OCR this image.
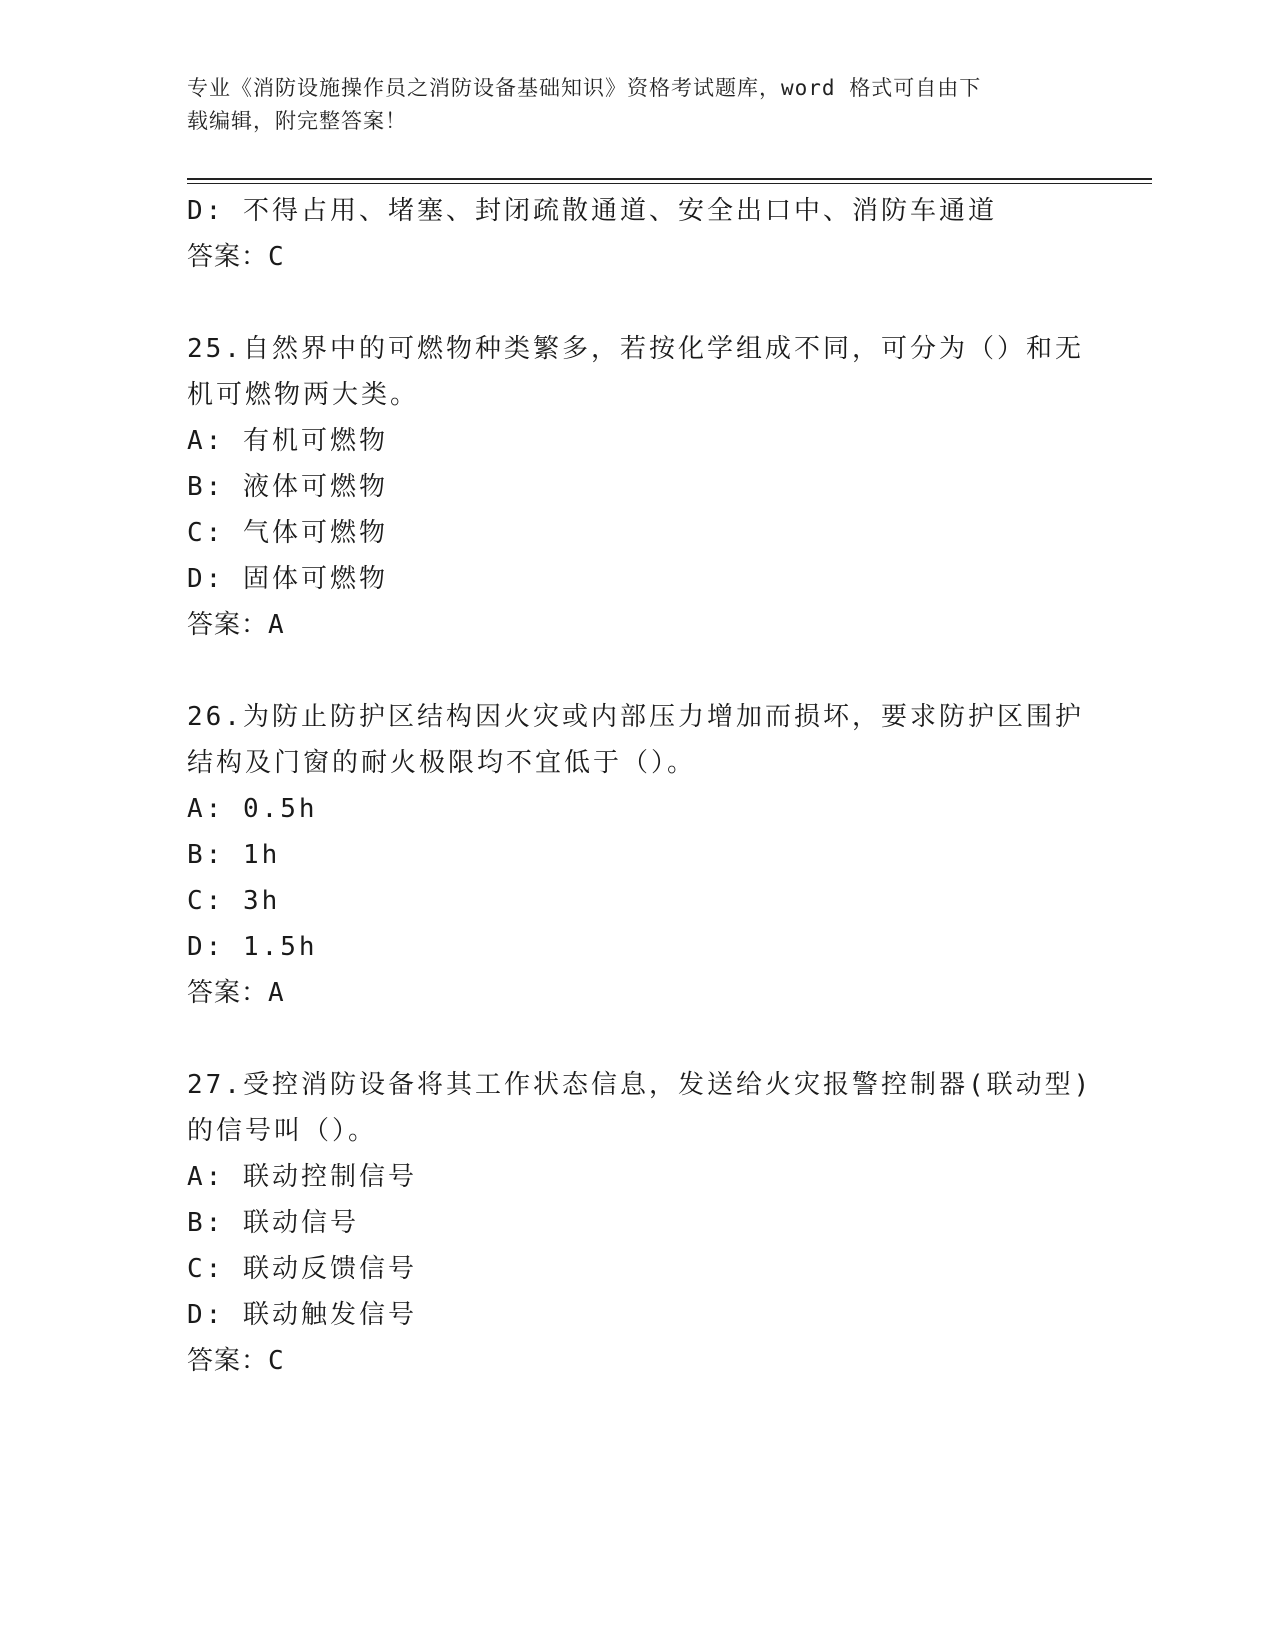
专业《消防设施操作员之消防设备基础知识》资格考试题库，word 格式可自由下
载编辑，附完整答案！
D: 不得占用、堵塞、封闭疏散通道、安全出口中、消防车通道
答案：C
25.自然界中的可燃物种类繁多，若按化学组成不同，可分为（）和无
机可燃物两大类。
A: 有机可燃物
B: 液体可燃物
C: 气体可燃物
D: 固体可燃物
答案：A
26.为防止防护区结构因火灾或内部压力增加而损坏，要求防护区围护
结构及门窗的耐火极限均不宜低于（）。
A: 0.5h
B: 1h
C: 3h
D: 1.5h
答案：A
27.受控消防设备将其工作状态信息，发送给火灾报警控制器(联动型)
的信号叫（）。
A: 联动控制信号
B: 联动信号
C: 联动反馈信号
D: 联动触发信号
答案：C
